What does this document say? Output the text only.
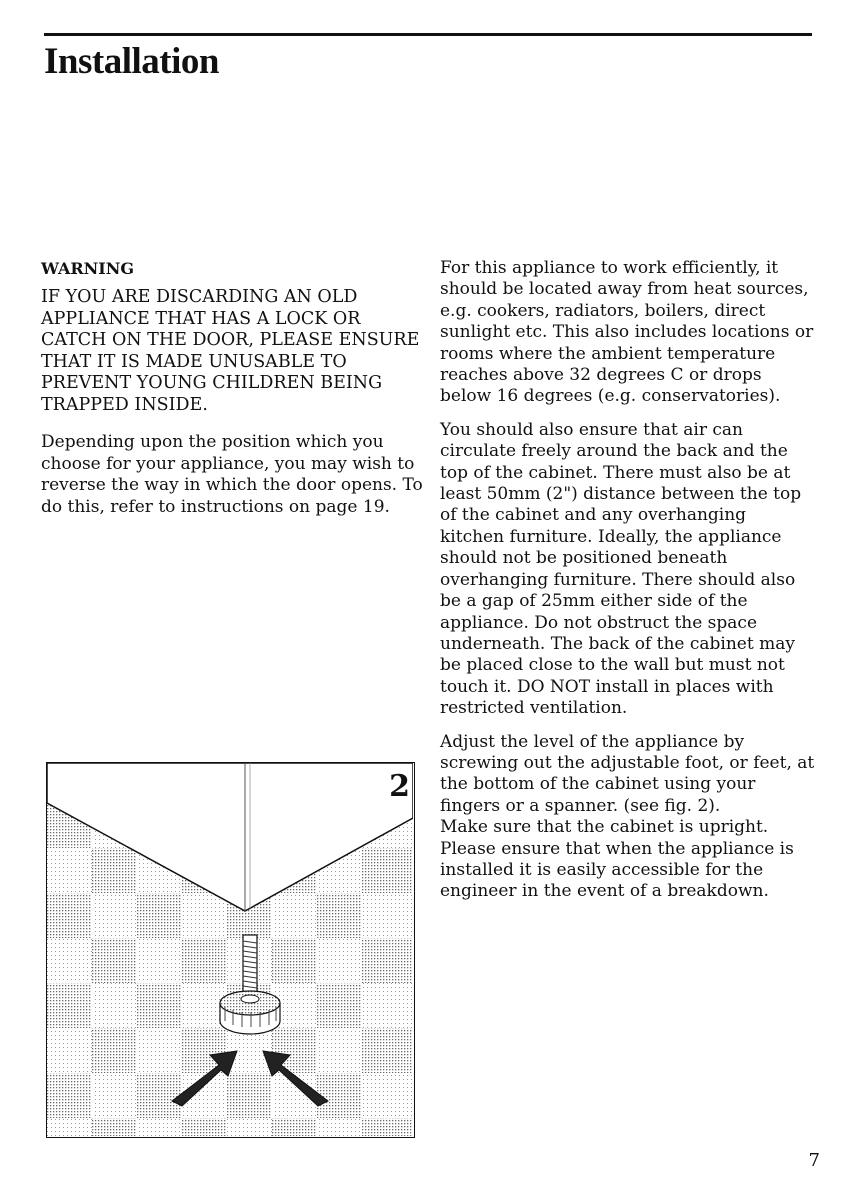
Installation
WARNING

IF YOU ARE DISCARDING AN OLD APPLIANCE THAT HAS A LOCK OR CATCH ON THE DOOR, PLEASE ENSURE THAT IT IS MADE UNUSABLE TO PREVENT YOUNG CHILDREN BEING TRAPPED INSIDE.

Depending upon the position which you choose for your appliance, you may wish to reverse the way in which the door opens. To do this, refer to instructions on page 19.

For this appliance to work efficiently, it should be located away from heat sources, e.g. cookers, radiators, boilers, direct sunlight etc. This also includes locations or rooms where the ambient temperature reaches above 32 degrees C or drops below 16 degrees (e.g. conservatories).

You should also ensure that air can circulate freely around the back and the top of the cabinet. There must also be at least 50mm (2") distance between the top of the cabinet and any overhanging kitchen furniture. Ideally, the appliance should not be positioned beneath overhanging furniture. There should also be a gap of 25mm either side of the appliance. Do not obstruct the space underneath. The back of the cabinet may be placed close to the wall but must not touch it. DO NOT install in places with restricted ventilation.

Adjust the level of the appliance by screwing out the adjustable foot, or feet, at the bottom of the cabinet using your fingers or a spanner. (see fig. 2).

Make sure that the cabinet is upright.

Please ensure that when the appliance is installed it is easily accessible for the engineer in the event of a breakdown.

2
7
